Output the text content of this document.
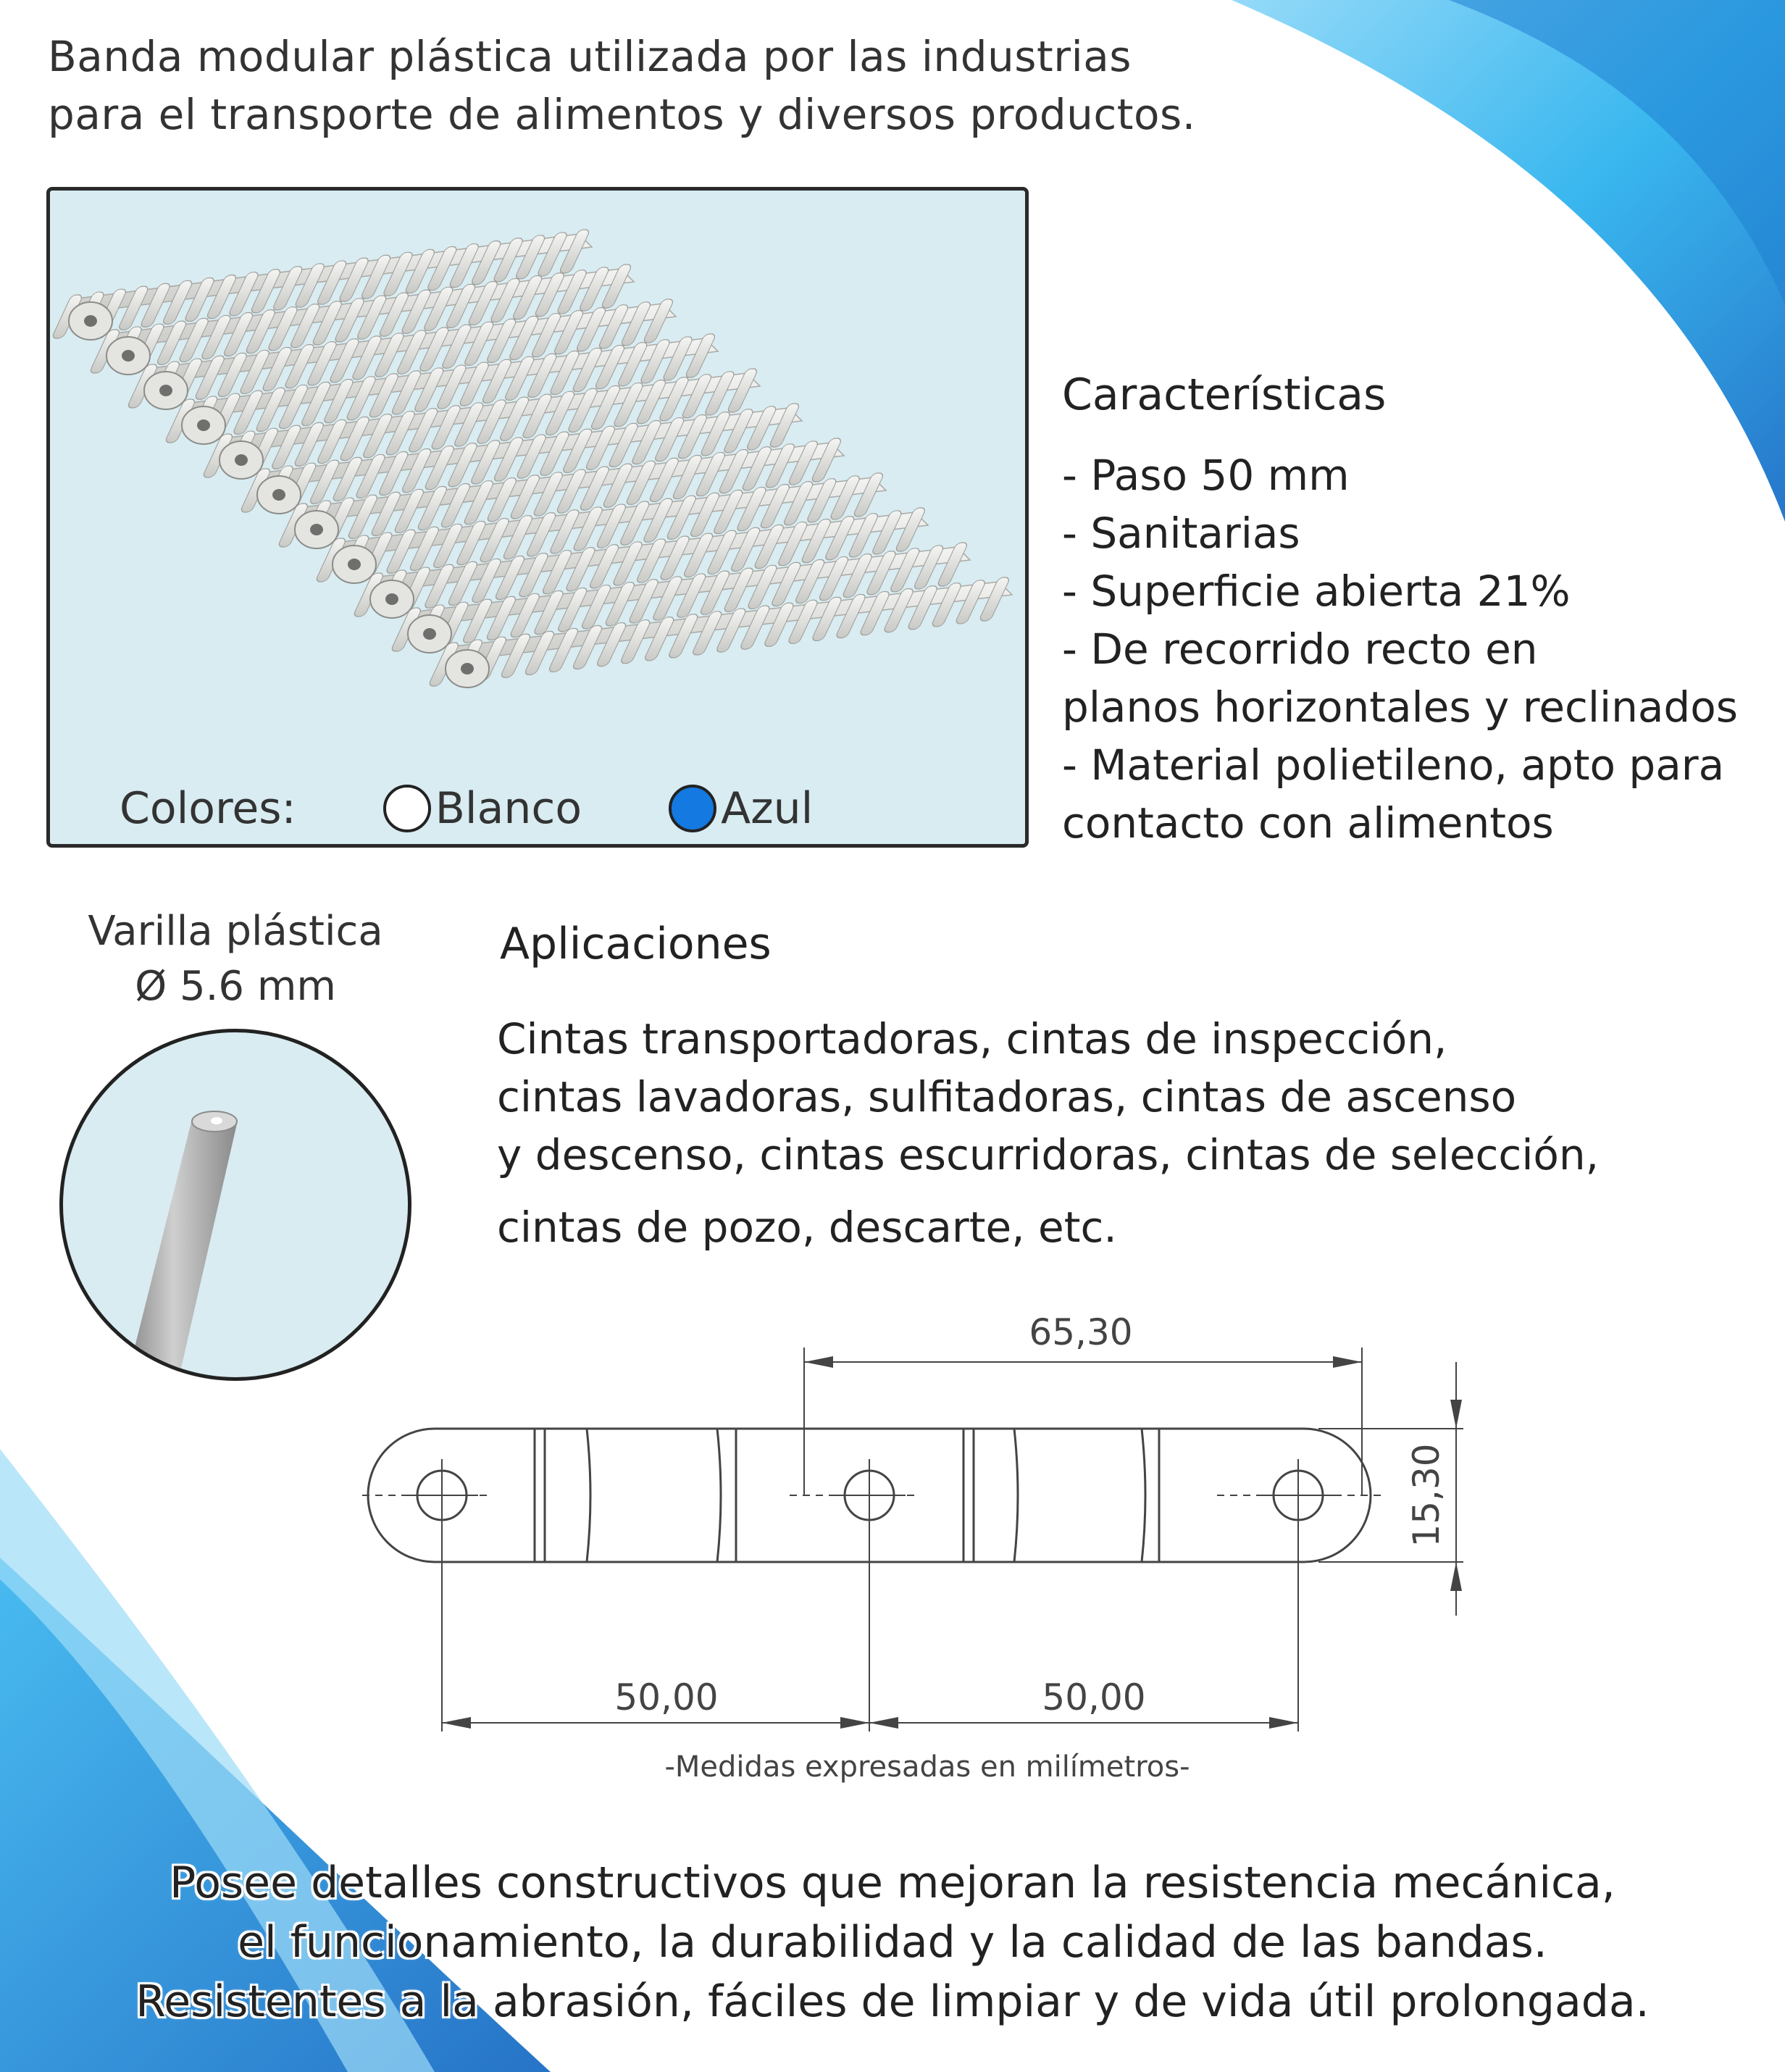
Banda modular plástica utilizada por las industrias
para el transporte de alimentos y diversos productos.
Colores:	Blanco	Azul
Características
- Paso 50 mm
- Sanitarias
- Superficie abierta 21%
- De recorrido recto en
planos horizontales y reclinados
- Material polietileno, apto para
contacto con alimentos
Varilla plástica
Ø 5.6 mm
Aplicaciones
Cintas transportadoras, cintas de inspección,
cintas lavadoras, sulfitadoras, cintas de ascenso
y descenso, cintas escurridoras, cintas de selección,
cintas de pozo, descarte, etc.
65,30
15,30
50,00	50,00
-Medidas expresadas en milímetros-
Posee detalles constructivos que mejoran la resistencia mecánica,
el funcionamiento, la durabilidad y la calidad de las bandas.
Resistentes a la abrasión, fáciles de limpiar y de vida útil prolongada.
